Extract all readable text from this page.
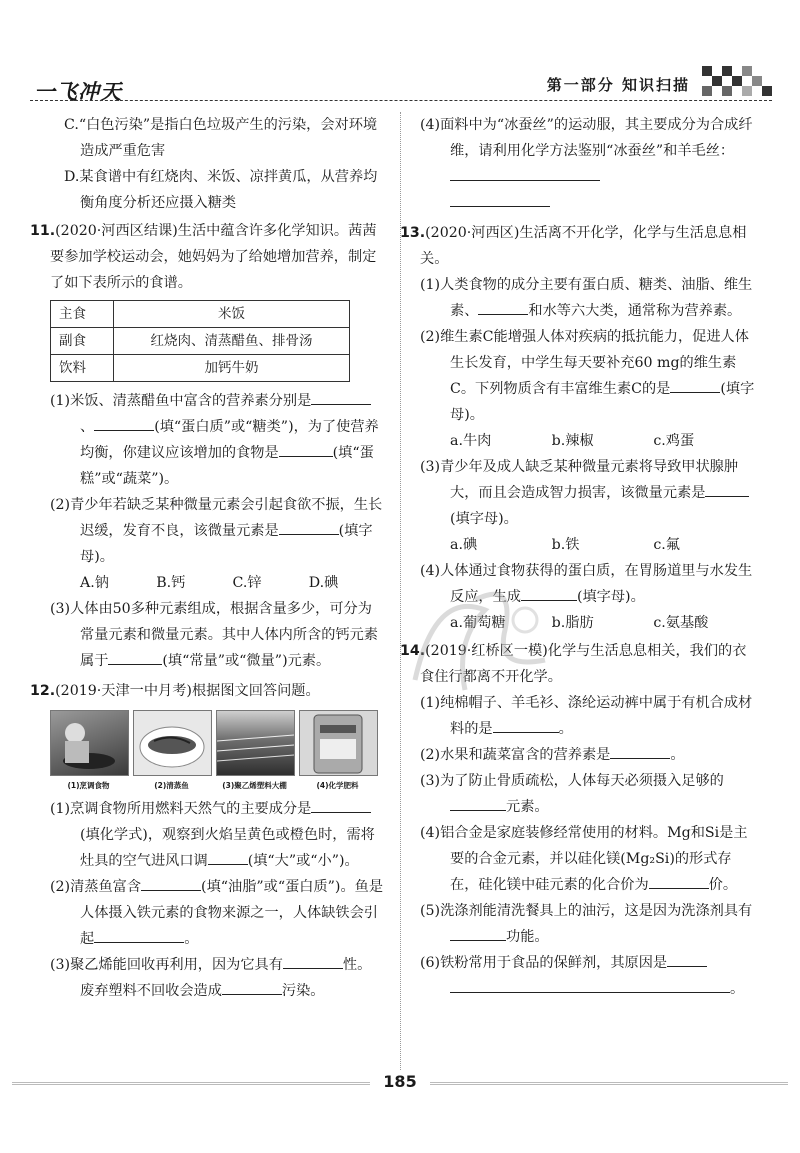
一飞冲天	第一部分 知识扫描

C.“白色污染”是指白色垃圾产生的污染，会对环境造成严重危害

D.某食谱中有红烧肉、米饭、凉拌黄瓜，从营养均衡角度分析还应摄入糖类

11.(2020·河西区结课)生活中蕴含许多化学知识。茜茜要参加学校运动会，她妈妈为了给她增加营养，制定了如下表所示的食谱。

主食	米饭
副食	红烧肉、清蒸醋鱼、排骨汤
饮料	加钙牛奶

(1)米饭、清蒸醋鱼中富含的营养素分别是、	(填“蛋白质”或“糖类”)，为了使营养均衡，你建议应该增加的食物是	(填“蛋糕”或“蔬菜”)。

(2)青少年若缺乏某种微量元素会引起食欲不振，生长迟缓，发育不良，该微量元素是	(填字母)。

A.钠	B.钙	C.锌	D.碘

(3)人体由50多种元素组成，根据含量多少，可分为常量元素和微量元素。其中人体内所含的钙元素属于	(填“常量”或“微量”)元素。

12.(2019·天津一中月考)根据图文回答问题。

(1)烹调食物	(2)清蒸鱼	(3)聚乙烯塑料大棚	(4)化学肥料

(1)烹调食物所用燃料天然气的主要成分是(填化学式)，观察到火焰呈黄色或橙色时，需将灶具的空气进风口调	(填“大”或“小”)。

(2)清蒸鱼富含	(填“油脂”或“蛋白质”)。鱼是人体摄入铁元素的食物来源之一，人体缺铁会引起	。

(3)聚乙烯能回收再利用，因为它具有	性。废弃塑料不回收会造成	污染。

(4)面料中为“冰蚕丝”的运动服，其主要成分为合成纤维，请利用化学方法鉴别“冰蚕丝”和羊毛丝：

13.(2020·河西区)生活离不开化学，化学与生活息息相关。

(1)人类食物的成分主要有蛋白质、糖类、油脂、维生素、	和水等六大类，通常称为营养素。

(2)维生素C能增强人体对疾病的抵抗能力，促进人体生长发育，中学生每天要补充60 mg的维生素C。下列物质含有丰富维生素C的是	(填字母)。

a.牛肉	b.辣椒	c.鸡蛋

(3)青少年及成人缺乏某种微量元素将导致甲状腺肿大，而且会造成智力损害，该微量元素是(填字母)。

a.碘	b.铁	c.氟

(4)人体通过食物获得的蛋白质，在胃肠道里与水发生反应，生成	(填字母)。

a.葡萄糖	b.脂肪	c.氨基酸

14.(2019·红桥区一模)化学与生活息息相关，我们的衣食住行都离不开化学。

(1)纯棉帽子、羊毛衫、涤纶运动裤中属于有机合成材料的是	。

(2)水果和蔬菜富含的营养素是	。

(3)为了防止骨质疏松，人体每天必须摄入足够的元素。

(4)铝合金是家庭装修经常使用的材料。Mg和Si是主要的合金元素，并以硅化镁(Mg₂Si)的形式存在，硅化镁中硅元素的化合价为	价。

(5)洗涤剂能清洗餐具上的油污，这是因为洗涤剂具有功能。

(6)铁粉常用于食品的保鲜剂，其原因是
。

185
